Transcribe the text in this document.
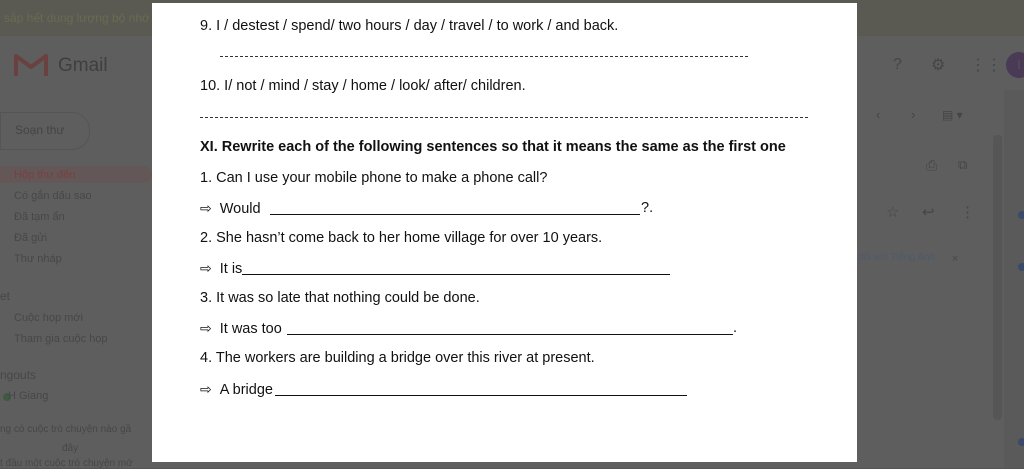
sắp hết dung lượng bộ nhớ
Gmail
Soạn thư
Hộp thư đến
Có gắn dấu sao
Đã tạm ẩn
Đã gửi
Thư nháp
et
Cuộc họp mới
Tham gia cuộc họp
ngouts
H Giang
ng có cuộc trò chuyện nào gầ
đây
t đầu một cuộc trò chuyện mớ
? ⚙ ⋮⋮	I
‹ › ▤ ▾
⎙ ⧉
☆ ↩ ⋮
đối với Tiếng Anh ×
9. I / destest / spend/ two hours / day / travel / to work / and back.
10. I/ not / mind / stay / home / look/ after/ children.
XI. Rewrite each of the following sentences so that it means the same as the first one
1. Can I use your mobile phone to make a phone call?
⇨ Would	?.
2. She hasn’t come back to her home village for over 10 years.
⇨ It is
3. It was so late that nothing could be done.
⇨ It was too	.
4. The workers are building a bridge over this river at present.
⇨ A bridge
